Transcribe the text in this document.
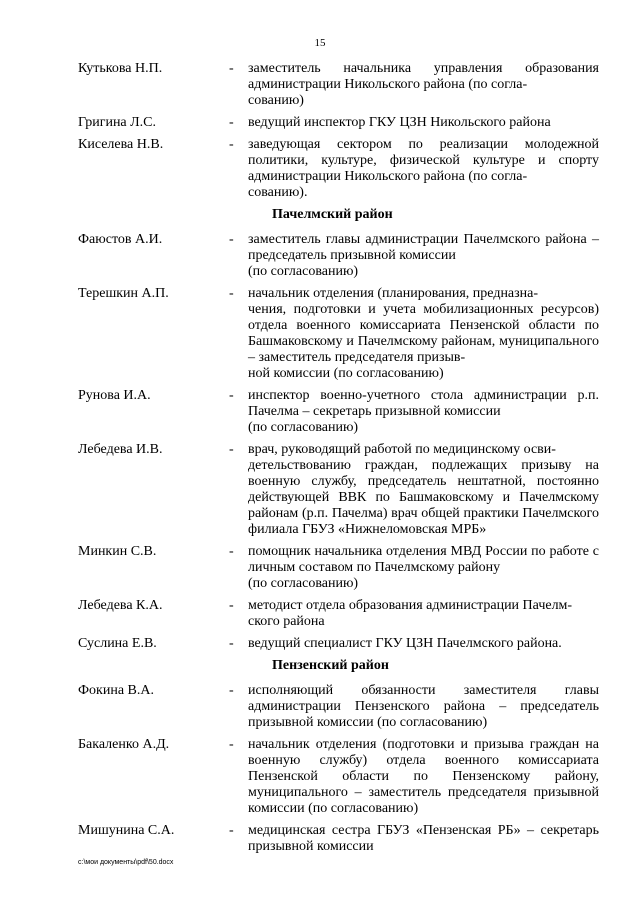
15
Кутькова Н.П.	-	заместитель начальника управления образования администрации Никольского района (по согла-
сованию)
Григина Л.С.	-	ведущий инспектор ГКУ ЦЗН Никольского района
Киселева Н.В.	-	заведующая сектором по реализации молодежной политики, культуре, физической культуре и спорту администрации Никольского района (по согла-
сованию).
Пачелмский район
Фаюстов А.И.	-	заместитель главы администрации Пачелмского района – председатель призывной комиссии
(по согласованию)
Терешкин А.П.	-	начальник отделения (планирования, предназна-
чения, подготовки и учета мобилизационных ресурсов) отдела военного комиссариата Пензенской области по Башмаковскому и Пачелмскому районам, муниципального – заместитель председателя призыв-
ной комиссии (по согласованию)
Рунова И.А.	-	инспектор военно-учетного стола администрации р.п. Пачелма – секретарь призывной комиссии
(по согласованию)
Лебедева И.В.	-	врач, руководящий работой по медицинскому осви-
детельствованию граждан, подлежащих призыву на военную службу, председатель нештатной, постоянно действующей ВВК по Башмаковскому и Пачелмскому районам (р.п. Пачелма) врач общей практики Пачелмского филиала ГБУЗ «Нижнеломовская МРБ»
Минкин С.В.	-	помощник начальника отделения МВД России по работе с личным составом по Пачелмскому району
(по согласованию)
Лебедева К.А.	-	методист отдела образования администрации Пачелм-
ского района
Суслина Е.В.	-	ведущий специалист ГКУ ЦЗН Пачелмского района.
Пензенский район
Фокина В.А.	-	исполняющий обязанности заместителя главы администрации Пензенского района – председатель призывной комиссии (по согласованию)
Бакаленко А.Д.	-	начальник отделения (подготовки и призыва граждан на военную службу) отдела военного комиссариата Пензенской области по Пензенскому району, муниципального – заместитель председателя призывной комиссии (по согласованию)
Мишунина С.А.	-	медицинская сестра ГБУЗ «Пензенская РБ» – секретарь призывной комиссии
c:\мои документы\pdf\50.docx
